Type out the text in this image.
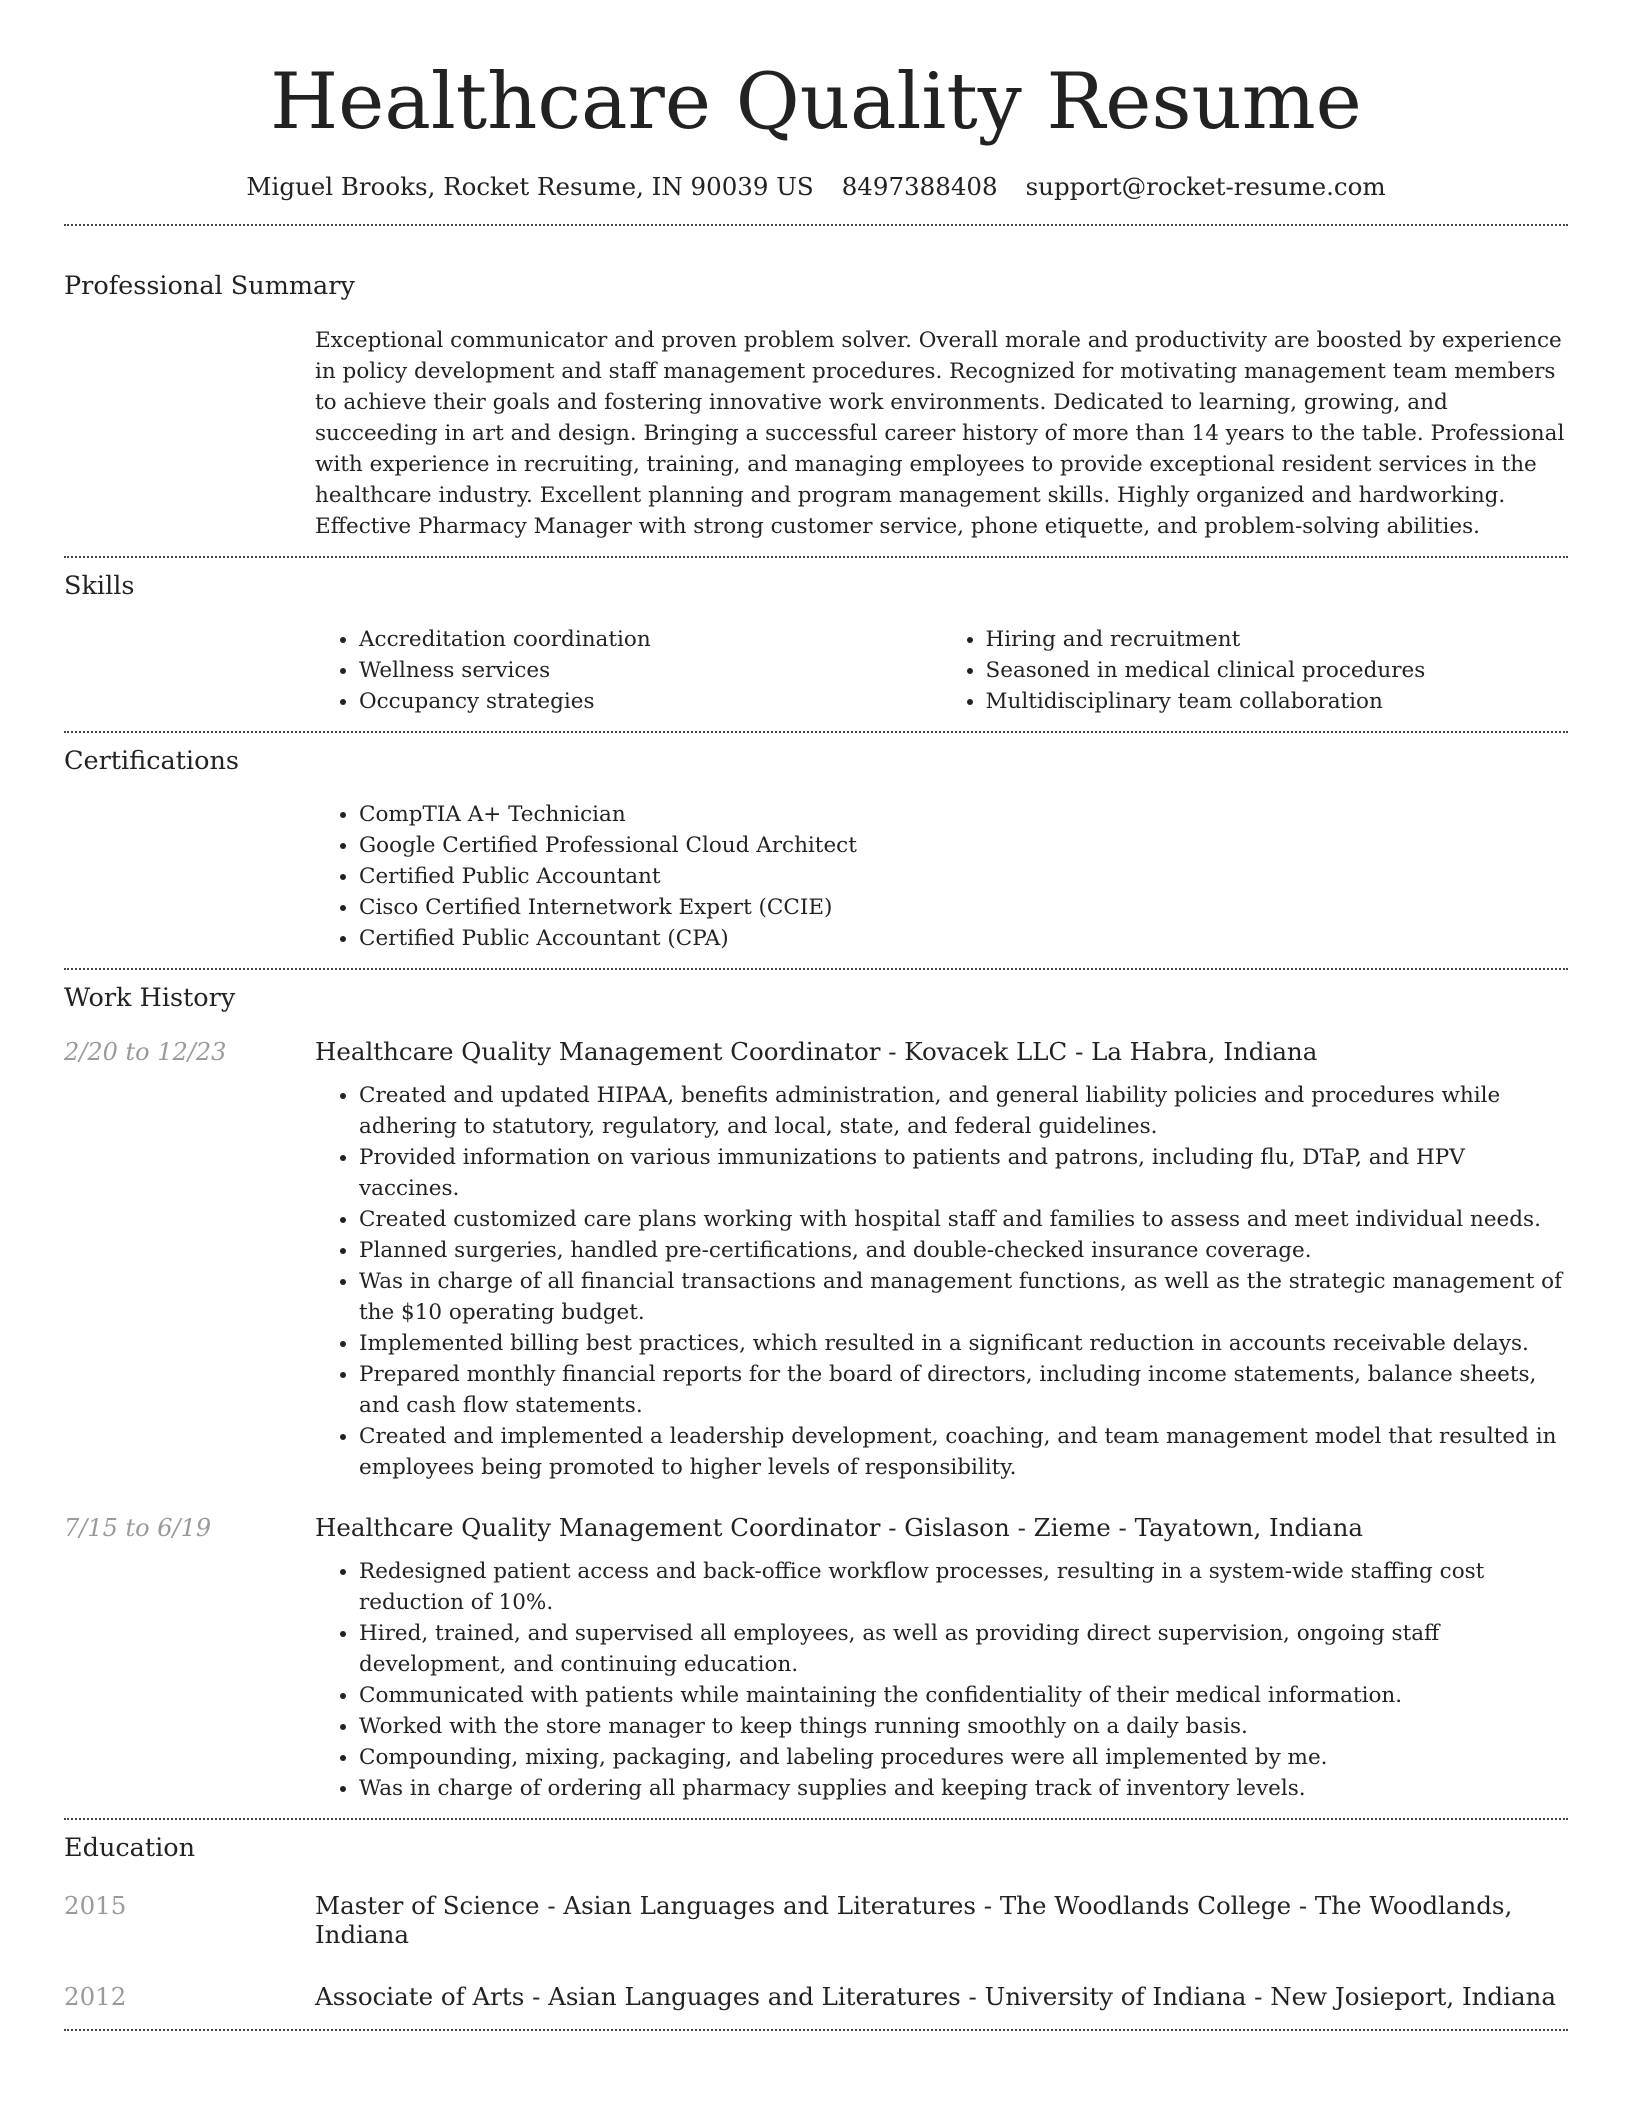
Healthcare Quality Resume
Miguel Brooks, Rocket Resume, IN 90039 US 8497388408 support@rocket-resume.com
Professional Summary
Exceptional communicator and proven problem solver. Overall morale and productivity are boosted by experience in policy development and staff management procedures. Recognized for motivating management team members to achieve their goals and fostering innovative work environments. Dedicated to learning, growing, and succeeding in art and design. Bringing a successful career history of more than 14 years to the table. Professional with experience in recruiting, training, and managing employees to provide exceptional resident services in the healthcare industry. Excellent planning and program management skills. Highly organized and hardworking. Effective Pharmacy Manager with strong customer service, phone etiquette, and problem-solving abilities.
Skills
• Accreditation coordination
• Wellness services
• Occupancy strategies
• Hiring and recruitment
• Seasoned in medical clinical procedures
• Multidisciplinary team collaboration
Certifications
• CompTIA A+ Technician
• Google Certified Professional Cloud Architect
• Certified Public Accountant
• Cisco Certified Internetwork Expert (CCIE)
• Certified Public Accountant (CPA)
Work History
2/20 to 12/23	Healthcare Quality Management Coordinator - Kovacek LLC - La Habra, Indiana
• Created and updated HIPAA, benefits administration, and general liability policies and procedures while adhering to statutory, regulatory, and local, state, and federal guidelines.
• Provided information on various immunizations to patients and patrons, including flu, DTaP, and HPV vaccines.
• Created customized care plans working with hospital staff and families to assess and meet individual needs.
• Planned surgeries, handled pre-certifications, and double-checked insurance coverage.
• Was in charge of all financial transactions and management functions, as well as the strategic management of the $10 operating budget.
• Implemented billing best practices, which resulted in a significant reduction in accounts receivable delays.
• Prepared monthly financial reports for the board of directors, including income statements, balance sheets, and cash flow statements.
• Created and implemented a leadership development, coaching, and team management model that resulted in employees being promoted to higher levels of responsibility.
7/15 to 6/19	Healthcare Quality Management Coordinator - Gislason - Zieme - Tayatown, Indiana
• Redesigned patient access and back-office workflow processes, resulting in a system-wide staffing cost reduction of 10%.
• Hired, trained, and supervised all employees, as well as providing direct supervision, ongoing staff development, and continuing education.
• Communicated with patients while maintaining the confidentiality of their medical information.
• Worked with the store manager to keep things running smoothly on a daily basis.
• Compounding, mixing, packaging, and labeling procedures were all implemented by me.
• Was in charge of ordering all pharmacy supplies and keeping track of inventory levels.
Education
2015	Master of Science - Asian Languages and Literatures - The Woodlands College - The Woodlands, Indiana
2012	Associate of Arts - Asian Languages and Literatures - University of Indiana - New Josieport, Indiana
